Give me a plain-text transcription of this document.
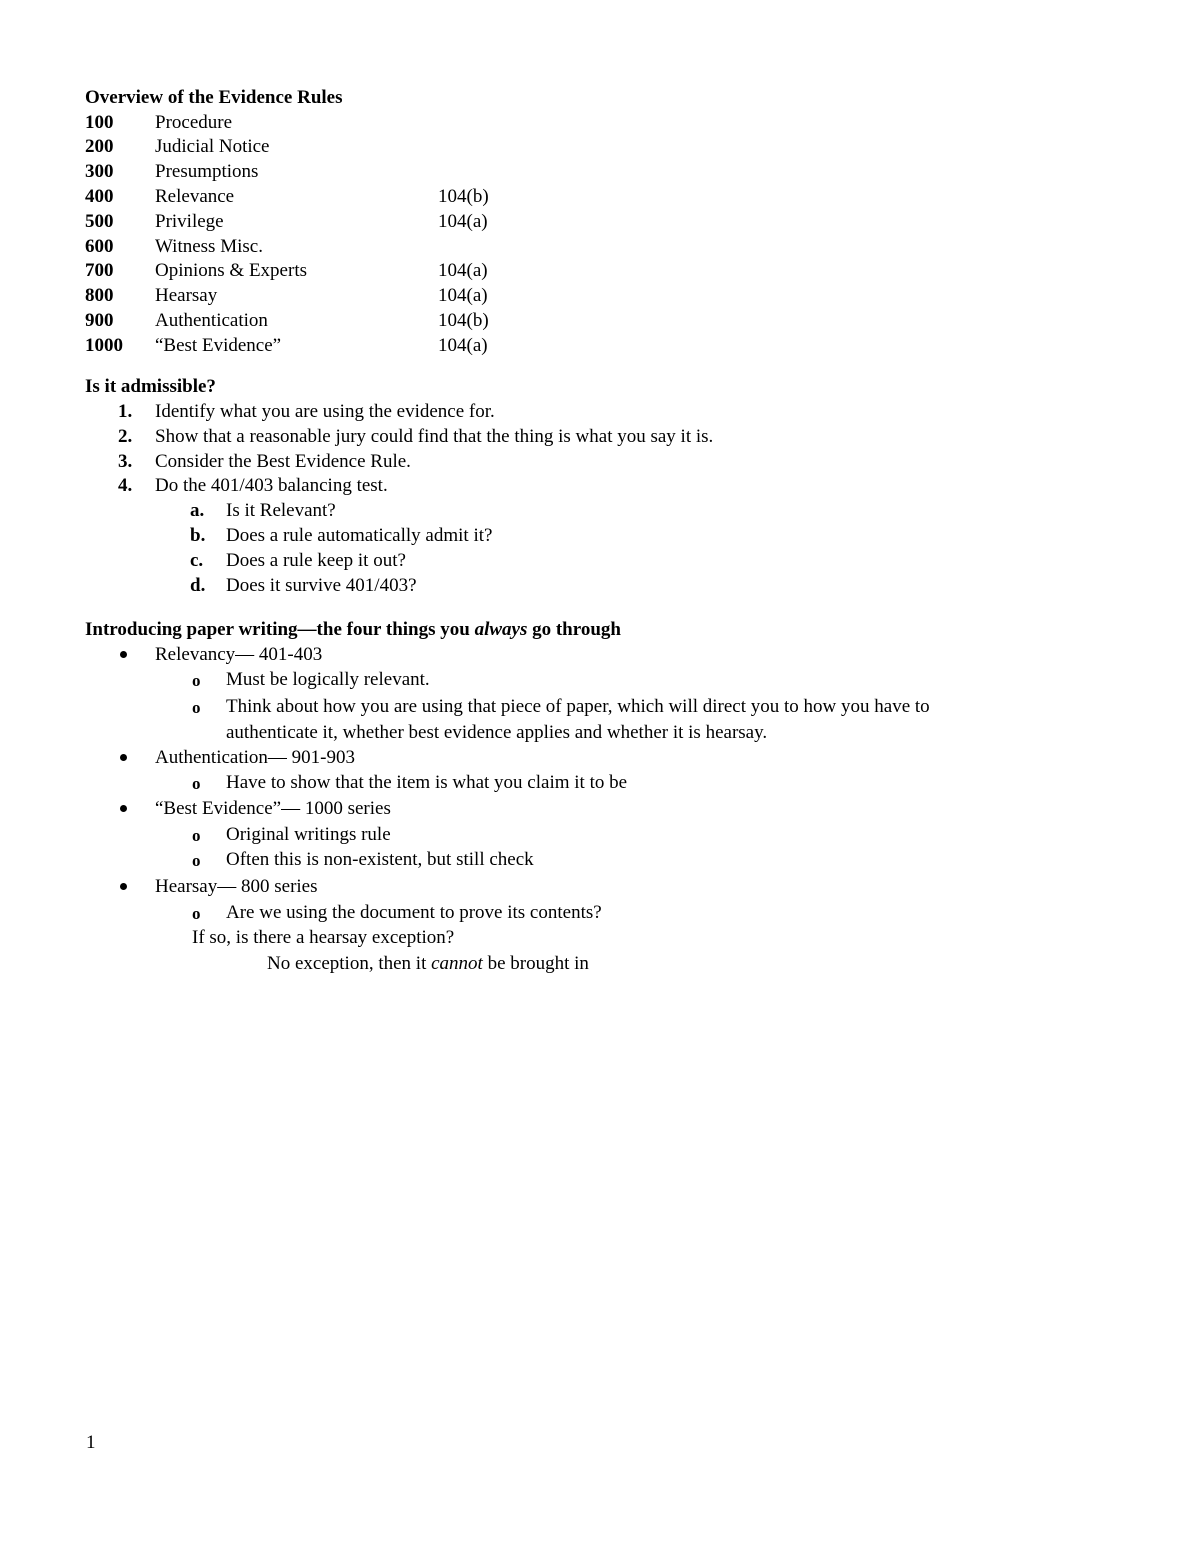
Overview of the Evidence Rules
100 Procedure
200 Judicial Notice
300 Presumptions
400 Relevance	104(b)
500 Privilege	104(a)
600 Witness Misc.
700 Opinions & Experts	104(a)
800 Hearsay	104(a)
900 Authentication	104(b)
1000 “Best Evidence”	104(a)
Is it admissible?
1. Identify what you are using the evidence for.
2. Show that a reasonable jury could find that the thing is what you say it is.
3. Consider the Best Evidence Rule.
4. Do the 401/403 balancing test.
a. Is it Relevant?
b. Does a rule automatically admit it?
c. Does a rule keep it out?
d. Does it survive 401/403?
Introducing paper writing—the four things you always go through
Relevancy— 401-403
o Must be logically relevant.
o Think about how you are using that piece of paper, which will direct you to how you have to
authenticate it, whether best evidence applies and whether it is hearsay.
Authentication— 901-903
o Have to show that the item is what you claim it to be
“Best Evidence”— 1000 series
o Original writings rule
o Often this is non-existent, but still check
Hearsay— 800 series
o Are we using the document to prove its contents?
If so, is there a hearsay exception?
No exception, then it cannot be brought in
1
